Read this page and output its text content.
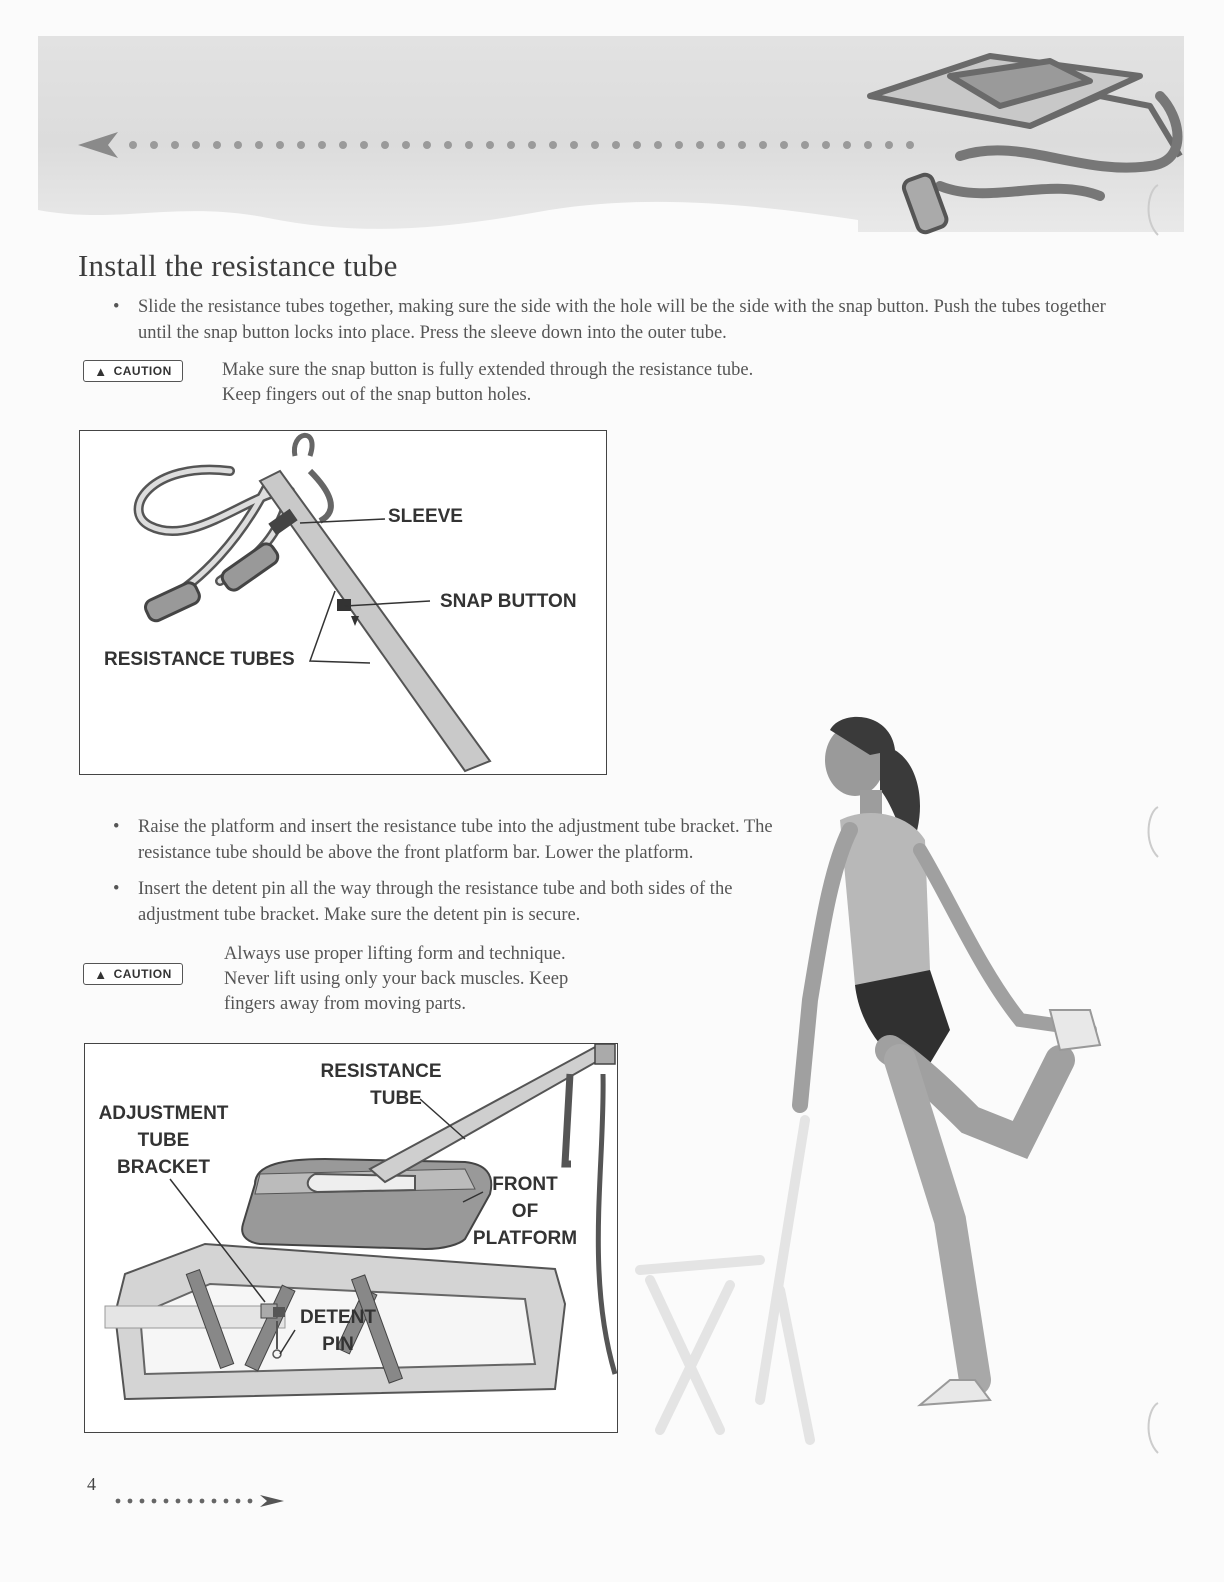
Install the resistance tube
• Slide the resistance tubes together, making sure the side with the hole will be the side with the snap button. Push the tubes together until the snap button locks into place. Press the sleeve down into the outer tube.
▲ CAUTION	Make sure the snap button is fully extended through the resistance tube.
Keep fingers out of the snap button holes.
SLEEVE
SNAP BUTTON
RESISTANCE TUBES
• Raise the platform and insert the resistance tube into the adjustment tube bracket. The resistance tube should be above the front platform bar. Lower the platform.
• Insert the detent pin all the way through the resistance tube and both sides of the adjustment tube bracket. Make sure the detent pin is secure.
▲ CAUTION
Always use proper lifting form and technique.
Never lift using only your back muscles. Keep
fingers away from moving parts.
RESISTANCE
TUBE
ADJUSTMENT
TUBE
BRACKET
FRONT
OF
PLATFORM
DETENT
PIN
4
